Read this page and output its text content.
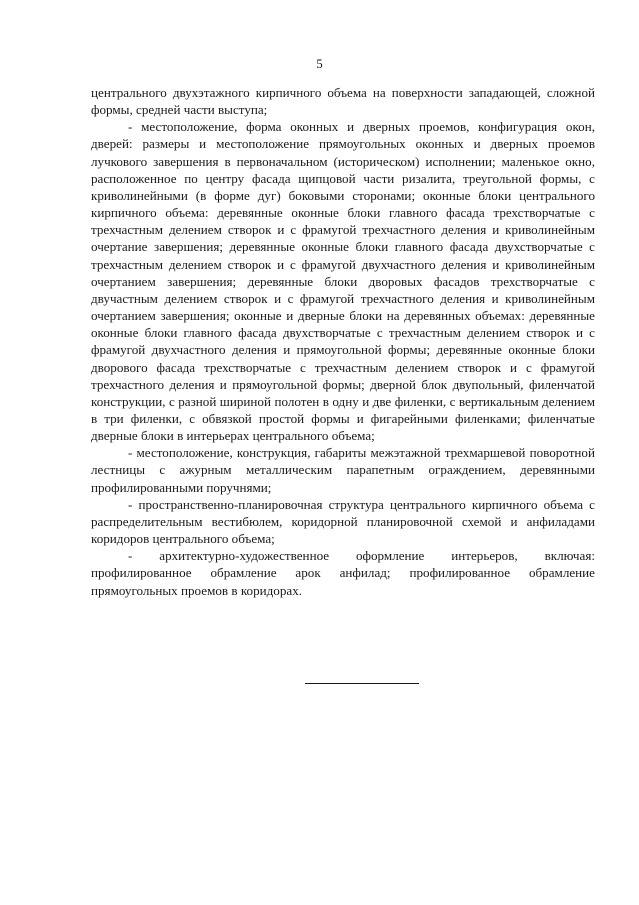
5

центрального двухэтажного кирпичного объема на поверхности западающей, сложной формы, средней части выступа;

- местоположение, форма оконных и дверных проемов, конфигурация окон, дверей: размеры и местоположение прямоугольных оконных и дверных проемов лучкового завершения в первоначальном (историческом) исполнении; маленькое окно, расположенное по центру фасада щипцовой части ризалита, треугольной формы, с криволинейными (в форме дуг) боковыми сторонами; оконные блоки центрального кирпичного объема: деревянные оконные блоки главного фасада трехстворчатые с трехчастным делением створок и с фрамугой трехчастного деления и криволинейным очертание завершения; деревянные оконные блоки главного фасада двухстворчатые с трехчастным делением створок и с фрамугой двухчастного деления и криволинейным очертанием завершения; деревянные блоки дворовых фасадов трехстворчатые с двучастным делением створок и с фрамугой трехчастного деления и криволинейным очертанием завершения; оконные и дверные блоки на деревянных объемах: деревянные оконные блоки главного фасада двухстворчатые с трехчастным делением створок и с фрамугой двухчастного деления и прямоугольной формы; деревянные оконные блоки дворового фасада трехстворчатые с трехчастным делением створок и с фрамугой трехчастного деления и прямоугольной формы; дверной блок двупольный, филенчатой конструкции, с разной шириной полотен в одну и две филенки, с вертикальным делением в три филенки, с обвязкой простой формы и фигарейными филенками; филенчатые дверные блоки в интерьерах центрального объема;

- местоположение, конструкция, габариты межэтажной трехмаршевой поворотной лестницы с ажурным металлическим парапетным ограждением, деревянными профилированными поручнями;

- пространственно-планировочная структура центрального кирпичного объема с распределительным вестибюлем, коридорной планировочной схемой и анфиладами коридоров центрального объема;

- архитектурно-художественное оформление интерьеров, включая: профилированное обрамление арок анфилад; профилированное обрамление прямоугольных проемов в коридорах.
